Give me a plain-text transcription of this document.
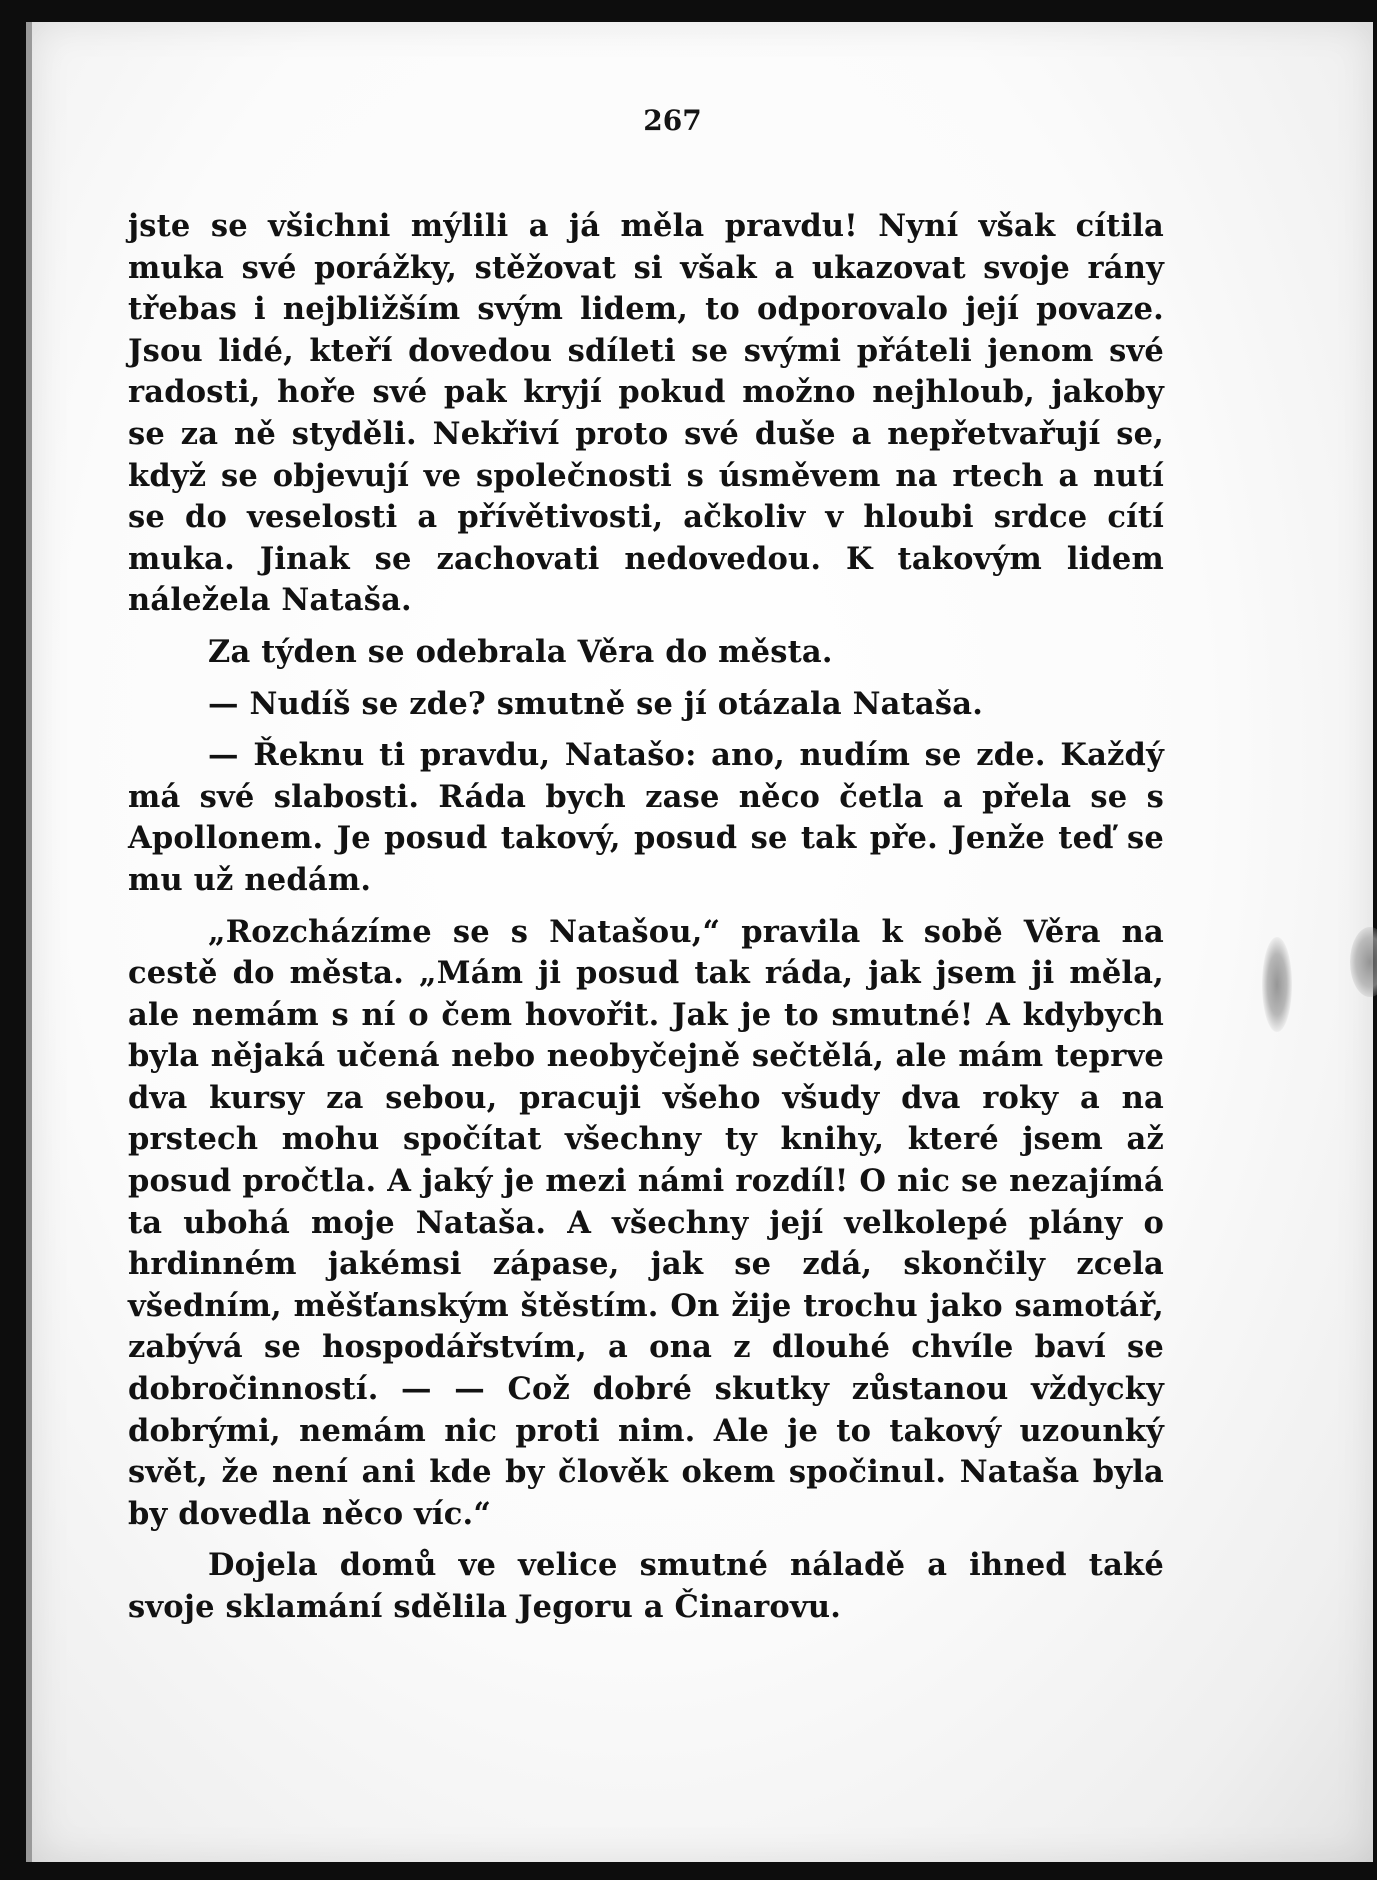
267

jste se všichni mýlili a já měla pravdu! Nyní však cítila muka své porážky, stěžovat si však a ukazovat svoje rány třebas i nejbližším svým lidem, to odporovalo její povaze. Jsou lidé, kteří dovedou sdíleti se svými přáteli jenom své radosti, hoře své pak kryjí pokud možno nejhloub, jakoby se za ně styděli. Nekřiví proto své duše a nepřetvařují se, když se objevují ve společnosti s úsměvem na rtech a nutí se do veselosti a přívětivosti, ačkoliv v hloubi srdce cítí muka. Jinak se zachovati nedovedou. K takovým lidem náležela Nataša.

Za týden se odebrala Věra do města.

— Nudíš se zde? smutně se jí otázala Nataša.

— Řeknu ti pravdu, Natašo: ano, nudím se zde. Každý má své slabosti. Ráda bych zase něco četla a přela se s Apollonem. Je posud takový, posud se tak pře. Jenže teď se mu už nedám.

„Rozcházíme se s Natašou,“ pravila k sobě Věra na cestě do města. „Mám ji posud tak ráda, jak jsem ji měla, ale nemám s ní o čem hovořit. Jak je to smutné! A kdybych byla nějaká učená nebo neobyčejně sečtělá, ale mám teprve dva kursy za sebou, pracuji všeho všudy dva roky a na prstech mohu spočítat všechny ty knihy, které jsem až posud pročtla. A jaký je mezi námi rozdíl! O nic se nezajímá ta ubohá moje Nataša. A všechny její velkolepé plány o hrdinném jakémsi zápase, jak se zdá, skončily zcela všedním, měšťanským štěstím. On žije trochu jako samotář, zabývá se hospodářstvím, a ona z dlouhé chvíle baví se dobročinností. — — Což dobré skutky zůstanou vždycky dobrými, nemám nic proti nim. Ale je to takový uzounký svět, že není ani kde by člověk okem spočinul. Nataša byla by dovedla něco víc.“

Dojela domů ve velice smutné náladě a ihned také svoje sklamání sdělila Jegoru a Činarovu.
